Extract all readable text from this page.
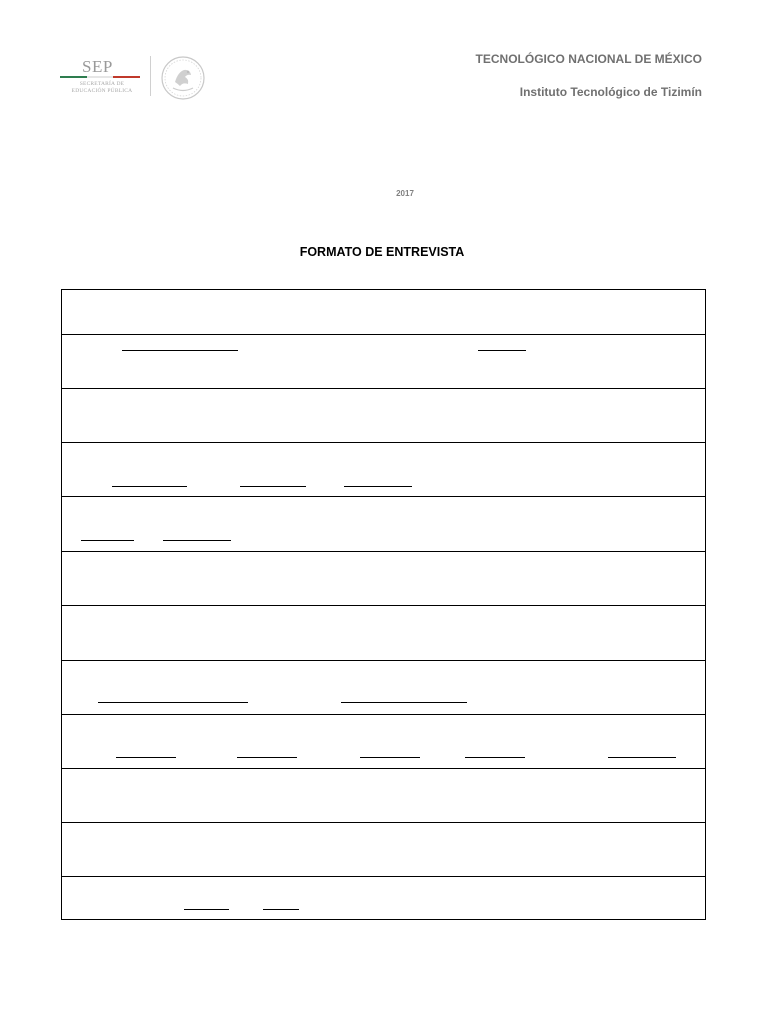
SEP
SECRETARÍA DE EDUCACIÓN PÚBLICA
TECNOLÓGICO NACIONAL DE MÉXICO
Instituto Tecnológico de Tizimín
2017
FORMATO DE ENTREVISTA
